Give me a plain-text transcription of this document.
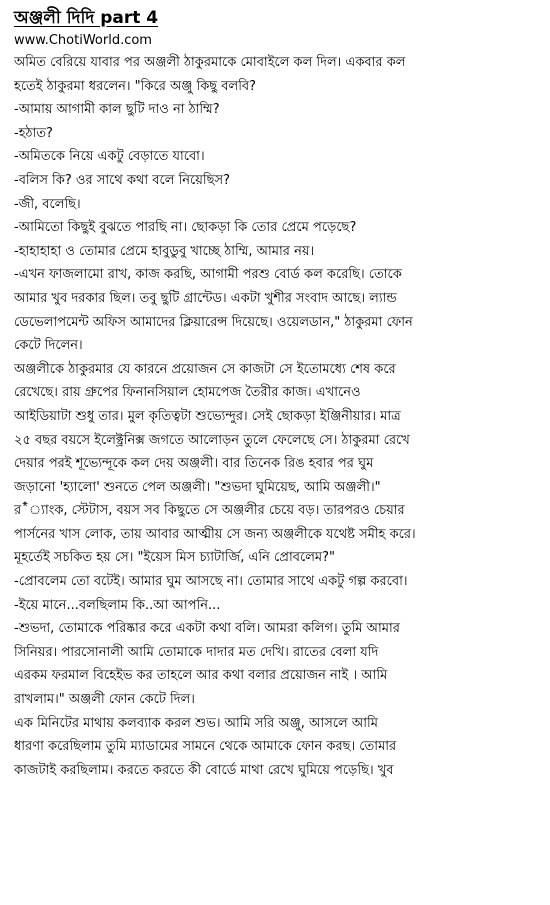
অঞ্জলী দিদি part 4
www.ChotiWorld.com
অমিত বেরিয়ে যাবার পর অঞ্জলী ঠাকুরমাকে মোবাইলে কল দিল। একবার কল
হতেই ঠাকুরমা ধরলেন। "কিরে অঞ্জু কিছু বলবি?
-আমায় আগামী কাল ছুটি দাও না ঠাম্মি?
-হঠাত?
-অমিতকে নিয়ে একটু বেড়াতে যাবো।
-বলিস কি? ওর সাথে কথা বলে নিয়েছিস?
-জী, বলেছি।
-আমিতো কিছুই বুঝতে পারছি না। ছোকড়া কি তোর প্রেমে পড়েছে?
-হাহাহাহা ও তোমার প্রেমে হাবুডুবু খাচ্ছে ঠাম্মি, আমার নয়।
-এখন ফাজলামো রাখ, কাজ করছি, আগামী পরশু বোর্ড কল করেছি। তোকে
আমার খুব দরকার ছিল। তবু ছুটি গ্রান্টেড। একটা খুশীর সংবাদ আছে। ল্যান্ড
ডেভেলাপমেন্ট অফিস আমাদের ক্লিয়ারেন্স দিয়েছে। ওয়েলডান," ঠাকুরমা ফোন
কেটে দিলেন।
অঞ্জলীকে ঠাকুরমার যে কারনে প্রয়োজন সে কাজটা সে ইতোমধ্যে শেষ করে
রেখেছে। রায় গ্রুপের ফিনানসিয়াল হোমপেজ তৈরীর কাজ। এখানেও
আইডিয়াটা শুধু তার। মুল কৃতিত্বটা শুভ্যেন্দুর। সেই ছোকড়া ইঞ্জিনীয়ার। মাত্র
২৫ বছর বয়সে ইলেক্ট্রনিক্স জগতে আলোড়ন তুলে ফেলেছে সে। ঠাকুরমা রেখে
দেয়ার পরই শূভ্যেন্দূকে কল দেয় অঞ্জলী। বার তিনেক রিঙ হবার পর ঘুম
জড়ানো 'হ্যালো' শুনতে পেল অঞ্জলী। "শুভদা ঘুমিয়েছ, আমি অঞ্জলী।"
র*্যাংক, স্টেটাস, বয়স সব কিছুতে সে অঞ্জলীর চেয়ে বড়। তারপরও চেয়ার
পার্সনের খাস লোক, তায় আবার আত্মীয় সে জন্য অঞ্জলীকে যথেষ্ট সমীহ করে।
মূহর্তেই সচকিত হয় সে। "ইয়েস মিস চ্যাটার্জি, এনি প্রোবলেম?"
-প্রোবলেম তো বটেই। আমার ঘুম আসছে না। তোমার সাথে একটু গল্প করবো।
-ইয়ে মানে...বলছিলাম কি..আ আপনি...
-শুভদা, তোমাকে পরিষ্কার করে একটা কথা বলি। আমরা কলিগ। তুমি আমার
সিনিয়র। পারসোনালী আমি তোমাকে দাদার মত দেখি। রাতের বেলা যদি
এরকম ফরমাল বিহেইভ কর তাহলে আর কথা বলার প্রয়োজন নাই । আমি
রাখলাম।" অঞ্জলী ফোন কেটে দিল।
এক মিনিটের মাথায় কলব্যাক করল শুভ। আমি সরি অঞ্জু, আসলে আমি
ধারণা করেছিলাম তুমি ম্যাডামের সামনে থেকে আমাকে ফোন করছ। তোমার
কাজটাই করছিলাম। করতে করতে কী বোর্ডে মাথা রেখে ঘুমিয়ে পড়েছি। খুব
